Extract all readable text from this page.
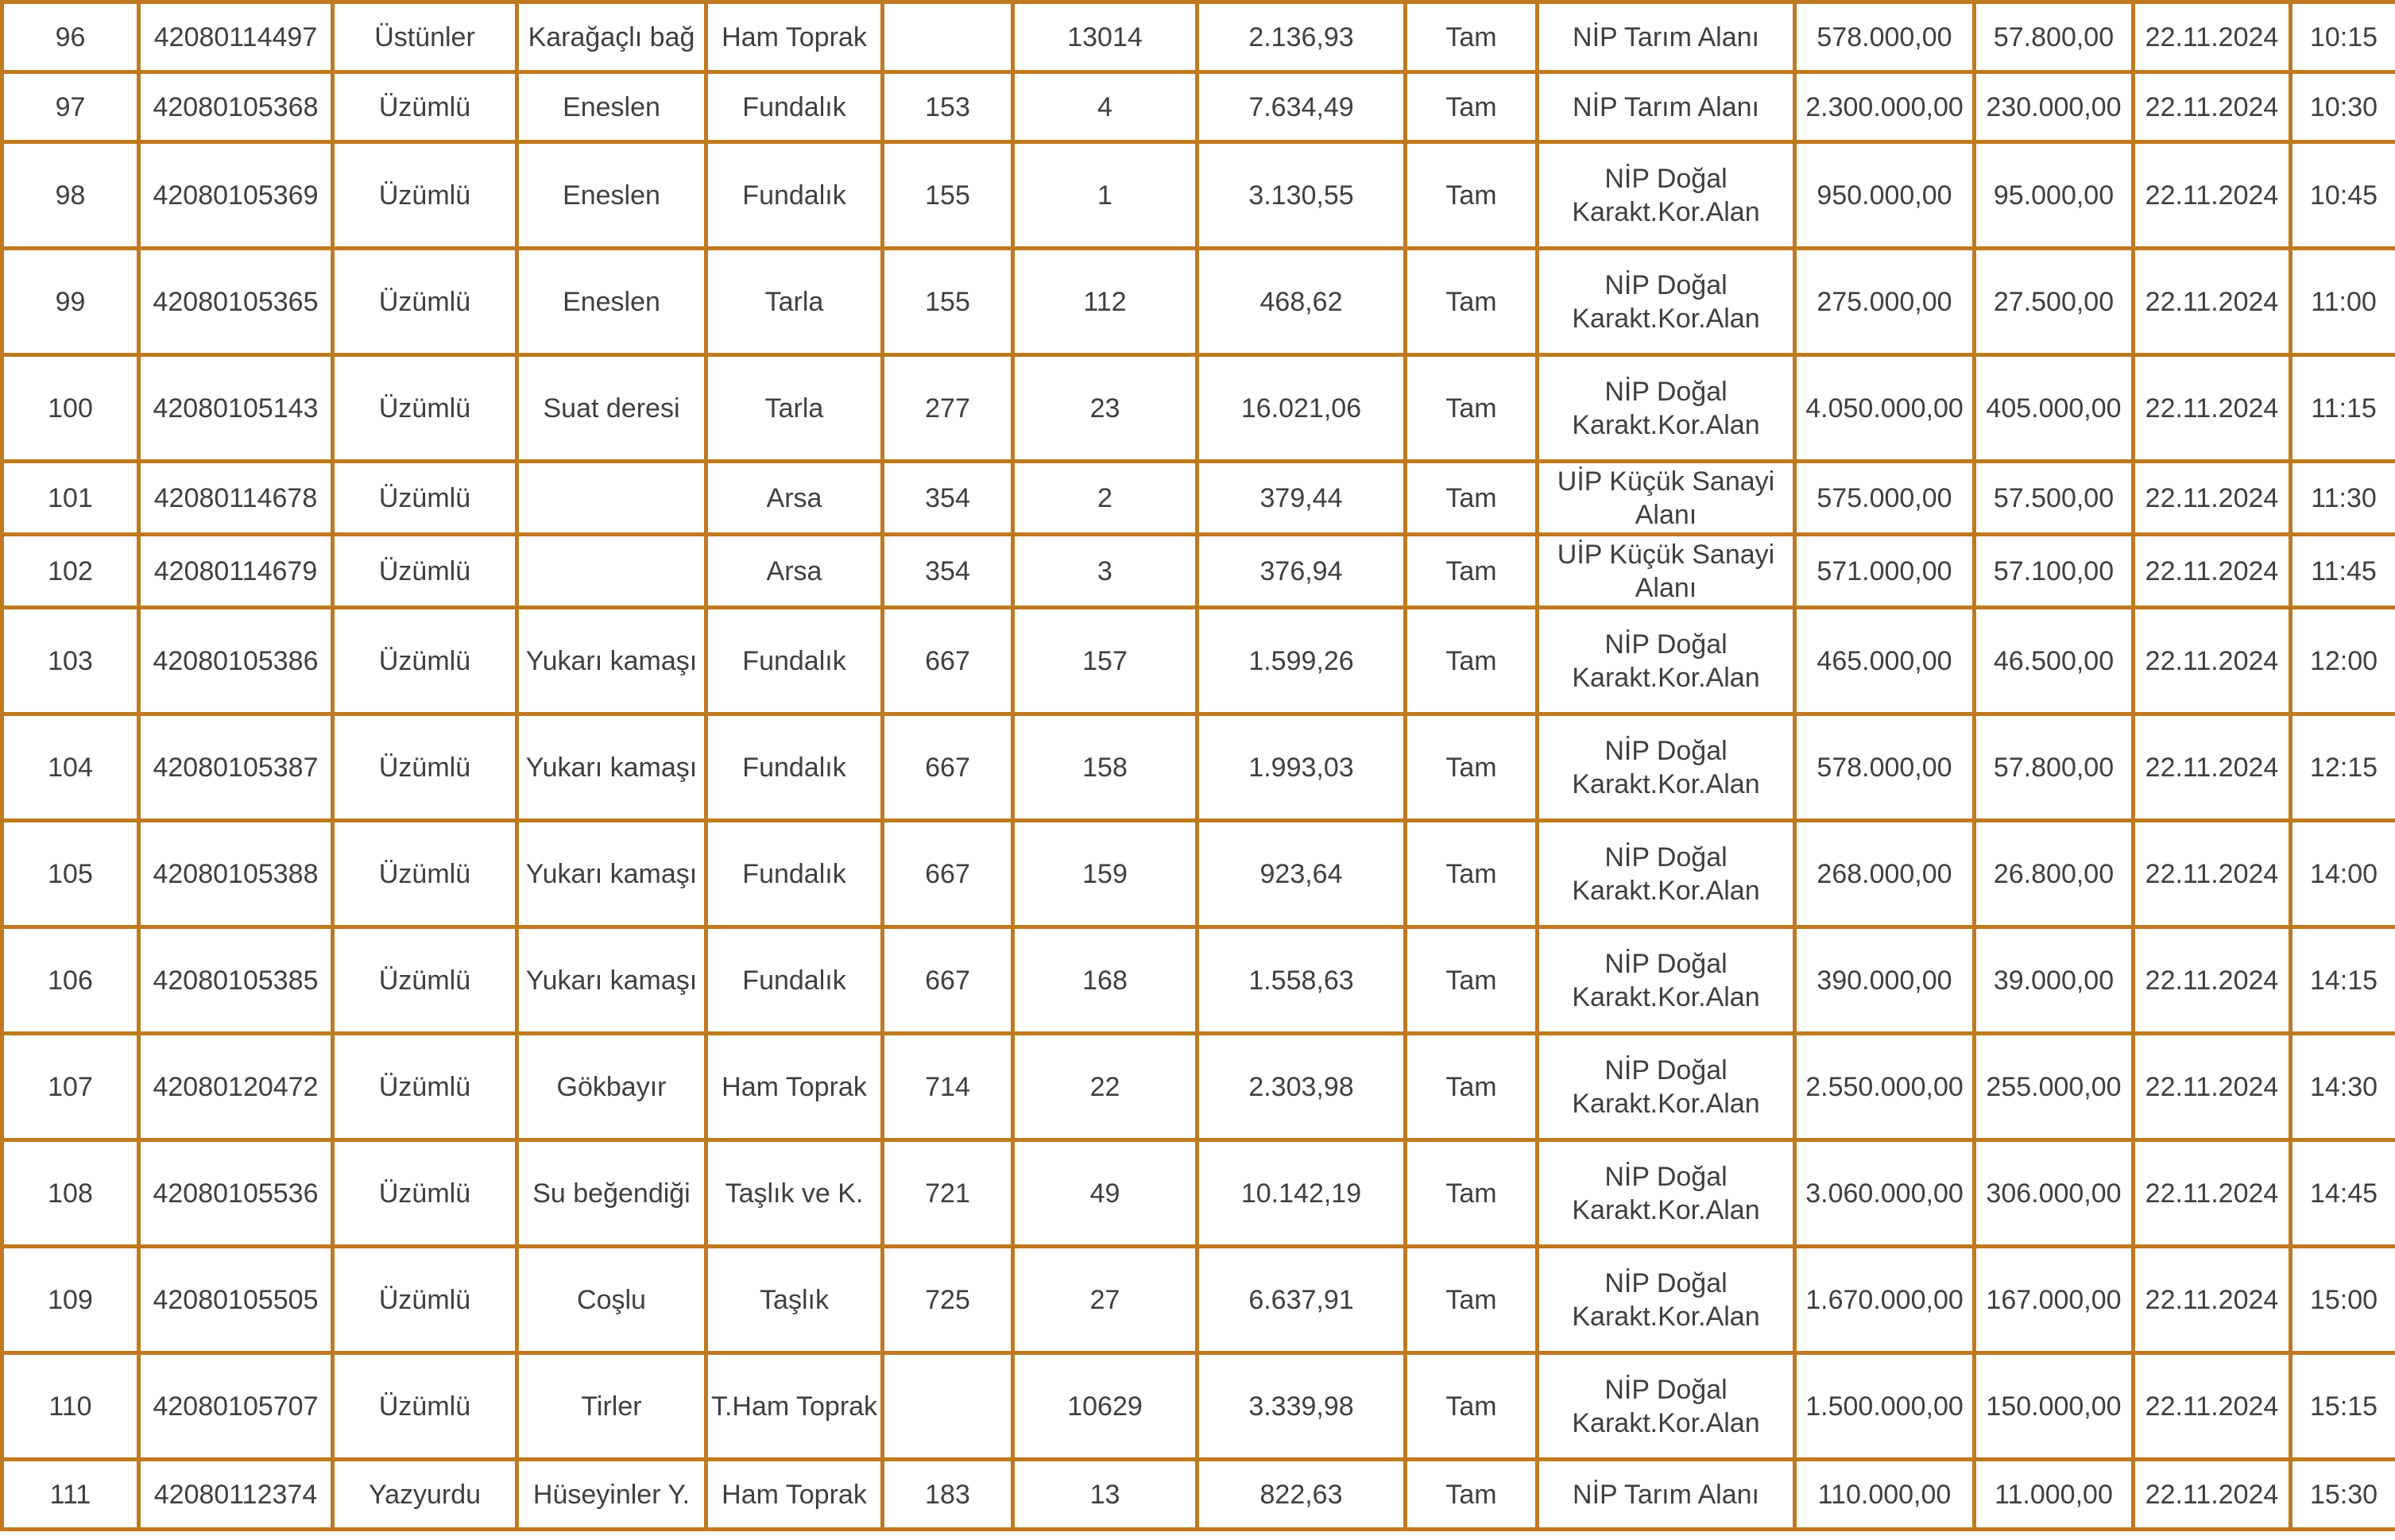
96	42080114497	Üstünler	Karağaçlı bağ	Ham Toprak		13014	2.136,93	Tam	NİP Tarım Alanı	578.000,00	57.800,00	22.11.2024	10:15
97	42080105368	Üzümlü	Eneslen	Fundalık	153	4	7.634,49	Tam	NİP Tarım Alanı	2.300.000,00	230.000,00	22.11.2024	10:30
98	42080105369	Üzümlü	Eneslen	Fundalık	155	1	3.130,55	Tam	NİP Doğal Karakt.Kor.Alan	950.000,00	95.000,00	22.11.2024	10:45
99	42080105365	Üzümlü	Eneslen	Tarla	155	112	468,62	Tam	NİP Doğal Karakt.Kor.Alan	275.000,00	27.500,00	22.11.2024	11:00
100	42080105143	Üzümlü	Suat deresi	Tarla	277	23	16.021,06	Tam	NİP Doğal Karakt.Kor.Alan	4.050.000,00	405.000,00	22.11.2024	11:15
101	42080114678	Üzümlü		Arsa	354	2	379,44	Tam	UİP Küçük Sanayi Alanı	575.000,00	57.500,00	22.11.2024	11:30
102	42080114679	Üzümlü		Arsa	354	3	376,94	Tam	UİP Küçük Sanayi Alanı	571.000,00	57.100,00	22.11.2024	11:45
103	42080105386	Üzümlü	Yukarı kamaşı	Fundalık	667	157	1.599,26	Tam	NİP Doğal Karakt.Kor.Alan	465.000,00	46.500,00	22.11.2024	12:00
104	42080105387	Üzümlü	Yukarı kamaşı	Fundalık	667	158	1.993,03	Tam	NİP Doğal Karakt.Kor.Alan	578.000,00	57.800,00	22.11.2024	12:15
105	42080105388	Üzümlü	Yukarı kamaşı	Fundalık	667	159	923,64	Tam	NİP Doğal Karakt.Kor.Alan	268.000,00	26.800,00	22.11.2024	14:00
106	42080105385	Üzümlü	Yukarı kamaşı	Fundalık	667	168	1.558,63	Tam	NİP Doğal Karakt.Kor.Alan	390.000,00	39.000,00	22.11.2024	14:15
107	42080120472	Üzümlü	Gökbayır	Ham Toprak	714	22	2.303,98	Tam	NİP Doğal Karakt.Kor.Alan	2.550.000,00	255.000,00	22.11.2024	14:30
108	42080105536	Üzümlü	Su beğendiği	Taşlık ve K.	721	49	10.142,19	Tam	NİP Doğal Karakt.Kor.Alan	3.060.000,00	306.000,00	22.11.2024	14:45
109	42080105505	Üzümlü	Coşlu	Taşlık	725	27	6.637,91	Tam	NİP Doğal Karakt.Kor.Alan	1.670.000,00	167.000,00	22.11.2024	15:00
110	42080105707	Üzümlü	Tirler	T.Ham Toprak		10629	3.339,98	Tam	NİP Doğal Karakt.Kor.Alan	1.500.000,00	150.000,00	22.11.2024	15:15
111	42080112374	Yazyurdu	Hüseyinler Y.	Ham Toprak	183	13	822,63	Tam	NİP Tarım Alanı	110.000,00	11.000,00	22.11.2024	15:30
